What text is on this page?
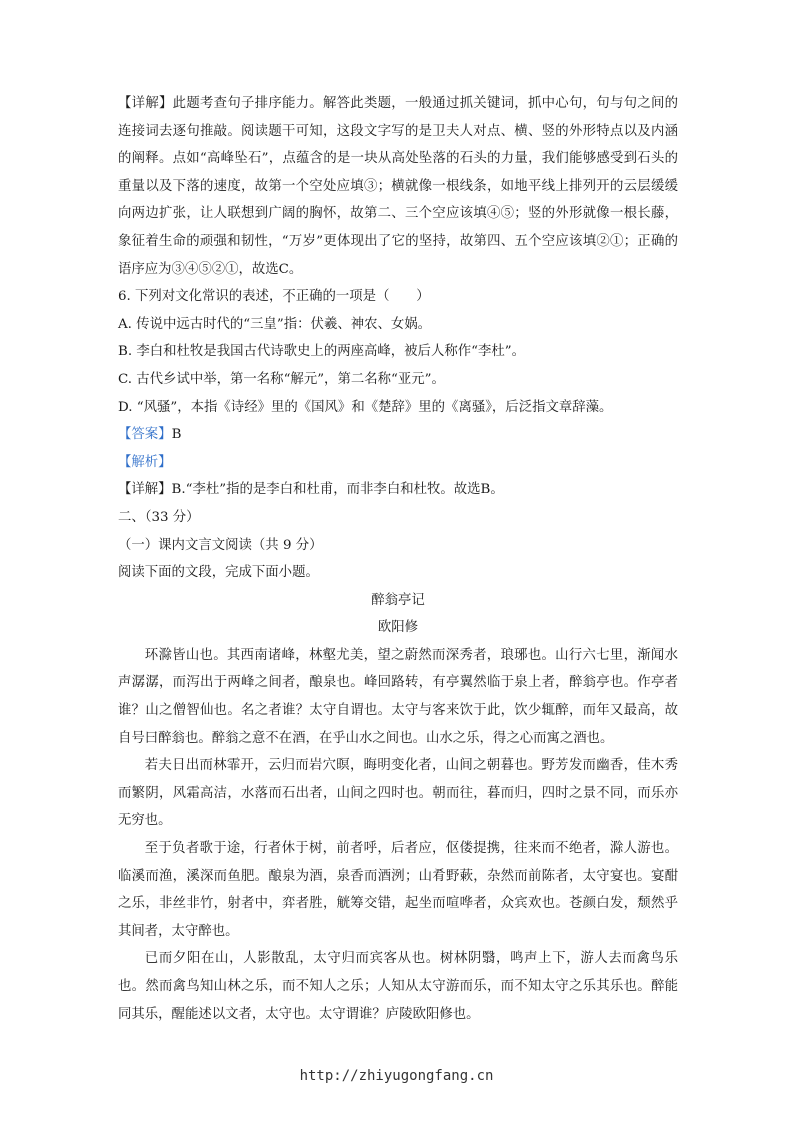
【详解】此题考查句子排序能力。解答此类题，一般通过抓关键词，抓中心句，句与句之间的连接词去逐句推敲。阅读题干可知，这段文字写的是卫夫人对点、横、竖的外形特点以及内涵的阐释。点如“高峰坠石”，点蕴含的是一块从高处坠落的石头的力量，我们能够感受到石头的重量以及下落的速度，故第一个空处应填③；横就像一根线条，如地平线上排列开的云层缓缓向两边扩张，让人联想到广阔的胸怀，故第二、三个空应该填④⑤；竖的外形就像一根长藤，象征着生命的顽强和韧性，“万岁”更体现出了它的坚持，故第四、五个空应该填②①；正确的语序应为③④⑤②①，故选C。

6. 下列对文化常识的表述，不正确的一项是（　　）

A. 传说中远古时代的“三皇”指：伏羲、神农、女娲。

B. 李白和杜牧是我国古代诗歌史上的两座高峰，被后人称作“李杜”。

C. 古代乡试中举，第一名称“解元”，第二名称“亚元”。

D. “风骚”，本指《诗经》里的《国风》和《楚辞》里的《离骚》，后泛指文章辞藻。

【答案】B

【解析】

【详解】B.“李杜”指的是李白和杜甫，而非李白和杜牧。故选B。

二、（33 分）

（一）课内文言文阅读（共 9 分）

阅读下面的文段，完成下面小题。

醉翁亭记

欧阳修

环滁皆山也。其西南诸峰，林壑尤美，望之蔚然而深秀者，琅琊也。山行六七里，渐闻水声潺潺，而泻出于两峰之间者，酿泉也。峰回路转，有亭翼然临于泉上者，醉翁亭也。作亭者谁？山之僧智仙也。名之者谁？太守自谓也。太守与客来饮于此，饮少辄醉，而年又最高，故自号曰醉翁也。醉翁之意不在酒，在乎山水之间也。山水之乐，得之心而寓之酒也。

若夫日出而林霏开，云归而岩穴暝，晦明变化者，山间之朝暮也。野芳发而幽香，佳木秀而繁阴，风霜高洁，水落而石出者，山间之四时也。朝而往，暮而归，四时之景不同，而乐亦无穷也。

至于负者歌于途，行者休于树，前者呼，后者应，伛偻提携，往来而不绝者，滁人游也。临溪而渔，溪深而鱼肥。酿泉为酒，泉香而酒洌；山肴野蔌，杂然而前陈者，太守宴也。宴酣之乐，非丝非竹，射者中，弈者胜，觥筹交错，起坐而喧哗者，众宾欢也。苍颜白发，颓然乎其间者，太守醉也。

已而夕阳在山，人影散乱，太守归而宾客从也。树林阴翳，鸣声上下，游人去而禽鸟乐也。然而禽鸟知山林之乐，而不知人之乐；人知从太守游而乐，而不知太守之乐其乐也。醉能同其乐，醒能述以文者，太守也。太守谓谁？庐陵欧阳修也。

http://zhiyugongfang.cn
